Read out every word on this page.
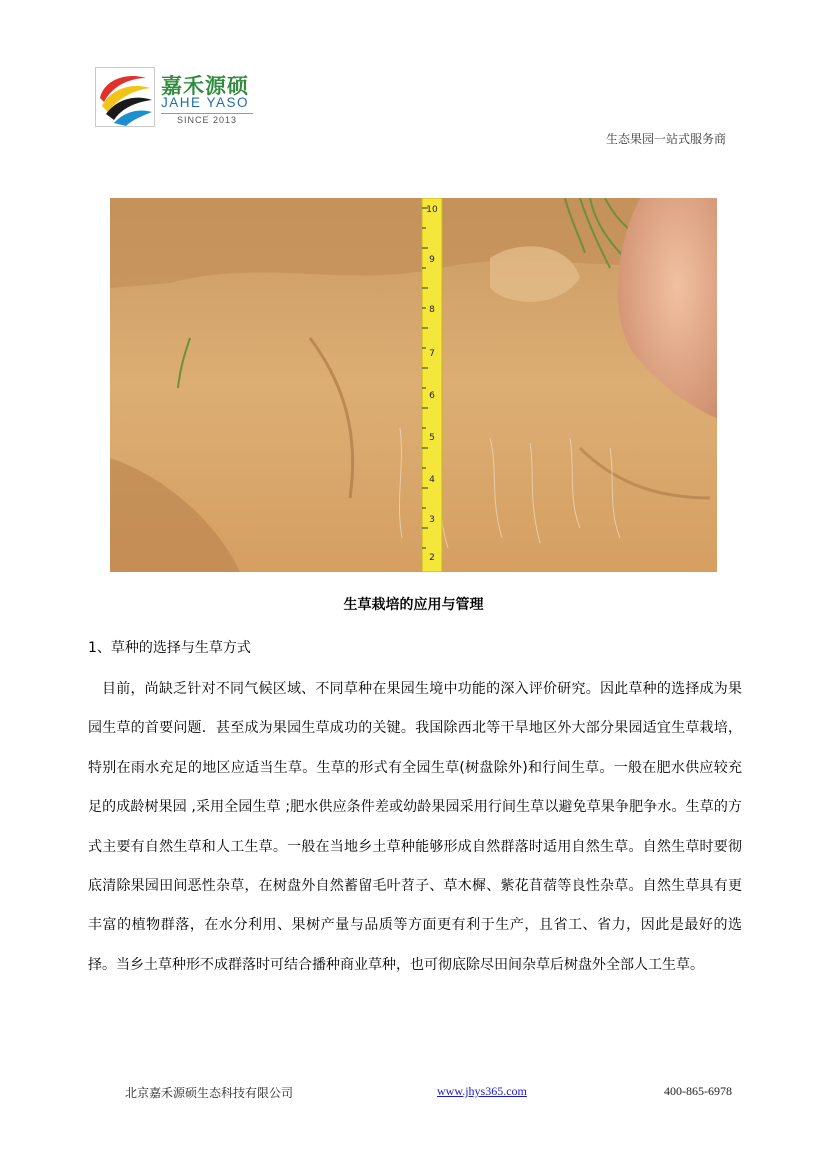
嘉禾源硕
JAHE YASO
SINCE 2013
生态果园一站式服务商
10
9
8
7
6
5
4
3
2
生草栽培的应用与管理
1、草种的选择与生草方式
目前，尚缺乏针对不同气候区域、不同草种在果园生境中功能的深入评价研究。因此草种的选择成为果园生草的首要问题．甚至成为果园生草成功的关键。我国除西北等干旱地区外大部分果园适宜生草栽培，特别在雨水充足的地区应适当生草。生草的形式有全园生草(树盘除外)和行间生草。一般在肥水供应较充足的成龄树果园 ,采用全园生草 ;肥水供应条件差或幼龄果园采用行间生草以避免草果争肥争水。生草的方式主要有自然生草和人工生草。一般在当地乡土草种能够形成自然群落时适用自然生草。自然生草时要彻底清除果园田间恶性杂草，在树盘外自然蓄留毛叶苕子、草木樨、紫花苜蓿等良性杂草。自然生草具有更丰富的植物群落，在水分利用、果树产量与品质等方面更有利于生产，且省工、省力，因此是最好的选择。当乡土草种形不成群落时可结合播种商业草种，也可彻底除尽田间杂草后树盘外全部人工生草。
北京嘉禾源硕生态科技有限公司	www.jhys365.com	400-865-6978
